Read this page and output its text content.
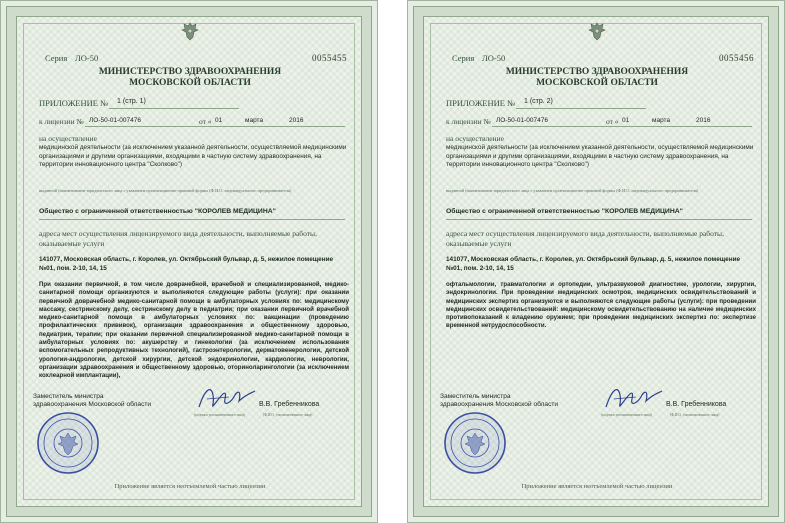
Серия ЛО-50	0055455
МИНИСТЕРСТВО ЗДРАВООХРАНЕНИЯ
МОСКОВСКОЙ ОБЛАСТИ
ПРИЛОЖЕНИЕ № 1 (стр. 1)
к лицензии № ЛО-50-01-007476	от « 01	марта	2016
на осуществление
медицинской деятельности (за исключением указанной деятельности, осуществляемой медицинскими организациями и другими организациями, входящими в частную систему здравоохранения, на территории инновационного центра "Сколково")
выданной (наименование юридического лица с указанием организационно-правовой формы (Ф.И.О. индивидуального предпринимателя)
Общество с ограниченной ответственностью "КОРОЛЕВ МЕДИЦИНА"
адреса мест осуществления лицензируемого вида деятельности, выполняемые работы, оказываемые услуги
141077, Московская область, г. Королев, ул. Октябрьский бульвар, д. 5, нежилое помещение №01, пом. 2-10, 14, 15
При оказании первичной, в том числе доврачебной, врачебной и специализированной, медико-санитарной помощи организуются и выполняются следующие работы (услуги): при оказании первичной доврачебной медико-санитарной помощи в амбулаторных условиях по: медицинскому массажу, сестринскому делу, сестринскому делу в педиатрии; при оказании первичной врачебной медико-санитарной помощи в амбулаторных условиях по: вакцинации (проведению профилактических прививок), организации здравоохранения и общественному здоровью, педиатрии, терапии; при оказании первичной специализированной медико-санитарной помощи в амбулаторных условиях по: акушерству и гинекологии (за исключением использования вспомогательных репродуктивных технологий), гастроэнтерологии, дерматовенерологии, детской урологии-андрологии, детской хирургии, детской эндокринологии, кардиологии, неврологии, организации здравоохранения и общественному здоровью, оториноларингологии (за исключением кохлеарной имплантации),
Заместитель министра здравоохранения Московской области	В.В. Гребенникова
(подпись уполномоченного лица)	(Ф.И.О. уполномоченного лица)
Приложение является неотъемлемой частью лицензии
Серия ЛО-50	0055456
МИНИСТЕРСТВО ЗДРАВООХРАНЕНИЯ
МОСКОВСКОЙ ОБЛАСТИ
ПРИЛОЖЕНИЕ № 1 (стр. 2)
к лицензии № ЛО-50-01-007476	от « 01	марта	2016
на осуществление
медицинской деятельности (за исключением указанной деятельности, осуществляемой медицинскими организациями и другими организациями, входящими в частную систему здравоохранения, на территории инновационного центра "Сколково")
выданной (наименование юридического лица с указанием организационно-правовой формы (Ф.И.О. индивидуального предпринимателя)
Общество с ограниченной ответственностью "КОРОЛЕВ МЕДИЦИНА"
адреса мест осуществления лицензируемого вида деятельности, выполняемые работы, оказываемые услуги
141077, Московская область, г. Королев, ул. Октябрьский бульвар, д. 5, нежилое помещение №01, пом. 2-10, 14, 15
офтальмологии, травматологии и ортопедии, ультразвуковой диагностике, урологии, хирургии, эндокринологии. При проведении медицинских осмотров, медицинских освидетельствований и медицинских экспертиз организуются и выполняются следующие работы (услуги): при проведении медицинских освидетельствований: медицинскому освидетельствованию на наличие медицинских противопоказаний к владению оружием; при проведении медицинских экспертиз по: экспертизе временной нетрудоспособности.
Заместитель министра здравоохранения Московской области	В.В. Гребенникова
(подпись уполномоченного лица)	(Ф.И.О. уполномоченного лица)
Приложение является неотъемлемой частью лицензии
